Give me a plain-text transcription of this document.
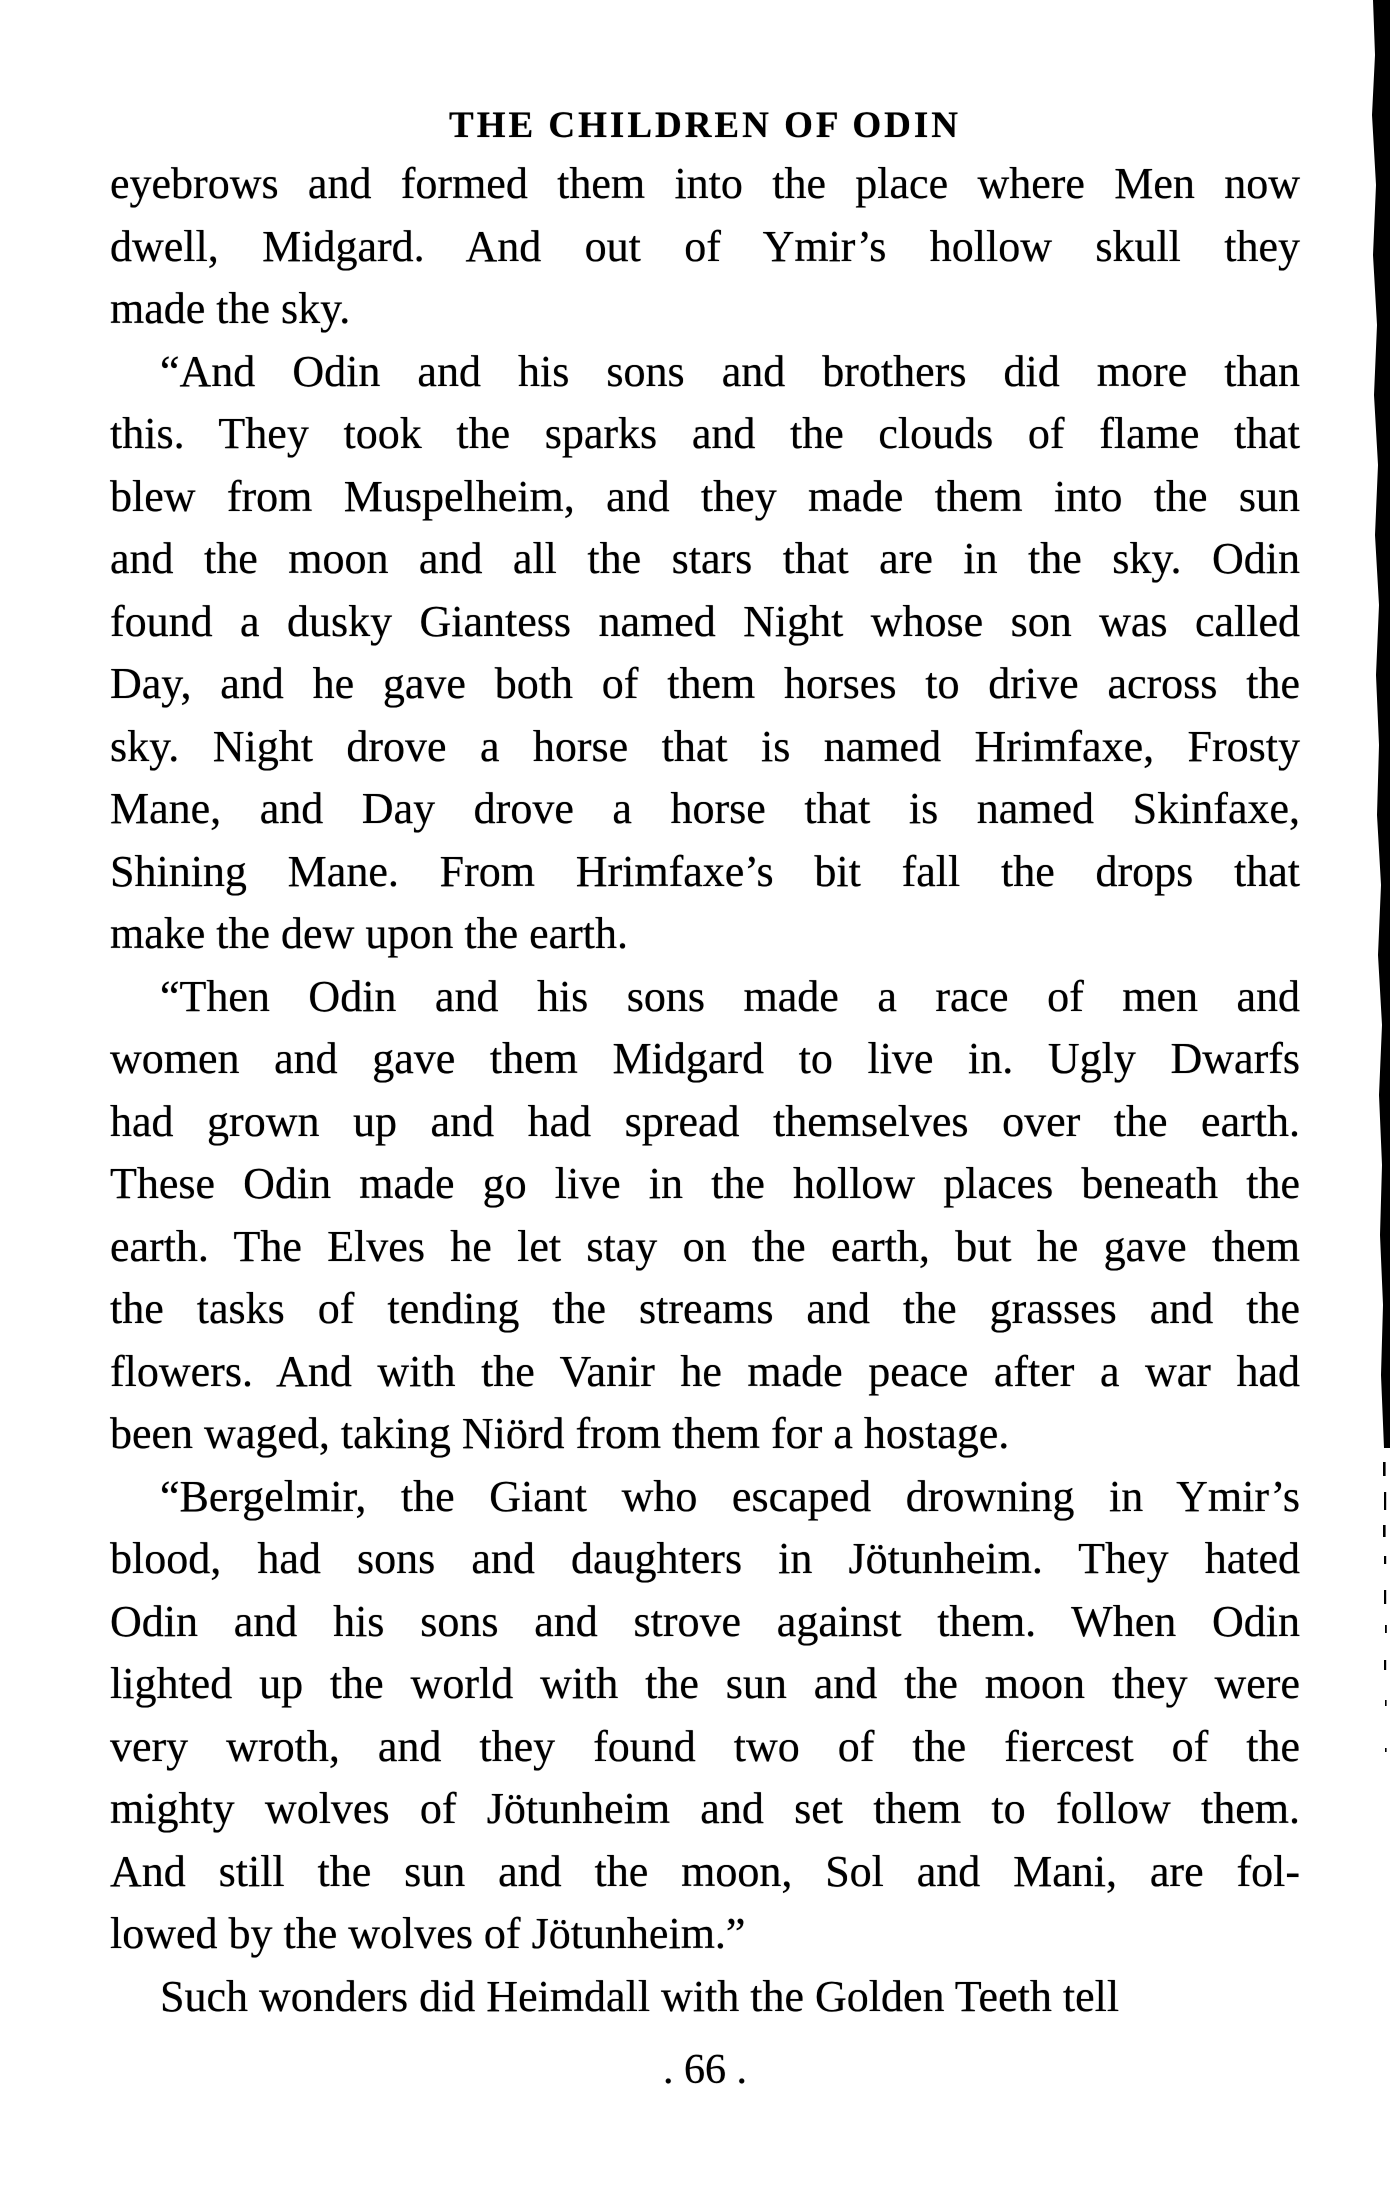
THE CHILDREN OF ODIN
eyebrows and formed them into the place where Men now
dwell, Midgard. And out of Ymir’s hollow skull they
made the sky.
“And Odin and his sons and brothers did more than
this. They took the sparks and the clouds of flame that
blew from Muspelheim, and they made them into the sun
and the moon and all the stars that are in the sky. Odin
found a dusky Giantess named Night whose son was called
Day, and he gave both of them horses to drive across the
sky. Night drove a horse that is named Hrimfaxe, Frosty
Mane, and Day drove a horse that is named Skinfaxe,
Shining Mane. From Hrimfaxe’s bit fall the drops that
make the dew upon the earth.
“Then Odin and his sons made a race of men and
women and gave them Midgard to live in. Ugly Dwarfs
had grown up and had spread themselves over the earth.
These Odin made go live in the hollow places beneath the
earth. The Elves he let stay on the earth, but he gave them
the tasks of tending the streams and the grasses and the
flowers. And with the Vanir he made peace after a war had
been waged, taking Niörd from them for a hostage.
“Bergelmir, the Giant who escaped drowning in Ymir’s
blood, had sons and daughters in Jötunheim. They hated
Odin and his sons and strove against them. When Odin
lighted up the world with the sun and the moon they were
very wroth, and they found two of the fiercest of the
mighty wolves of Jötunheim and set them to follow them.
And still the sun and the moon, Sol and Mani, are fol-
lowed by the wolves of Jötunheim.”
Such wonders did Heimdall with the Golden Teeth tell
. 66 .
